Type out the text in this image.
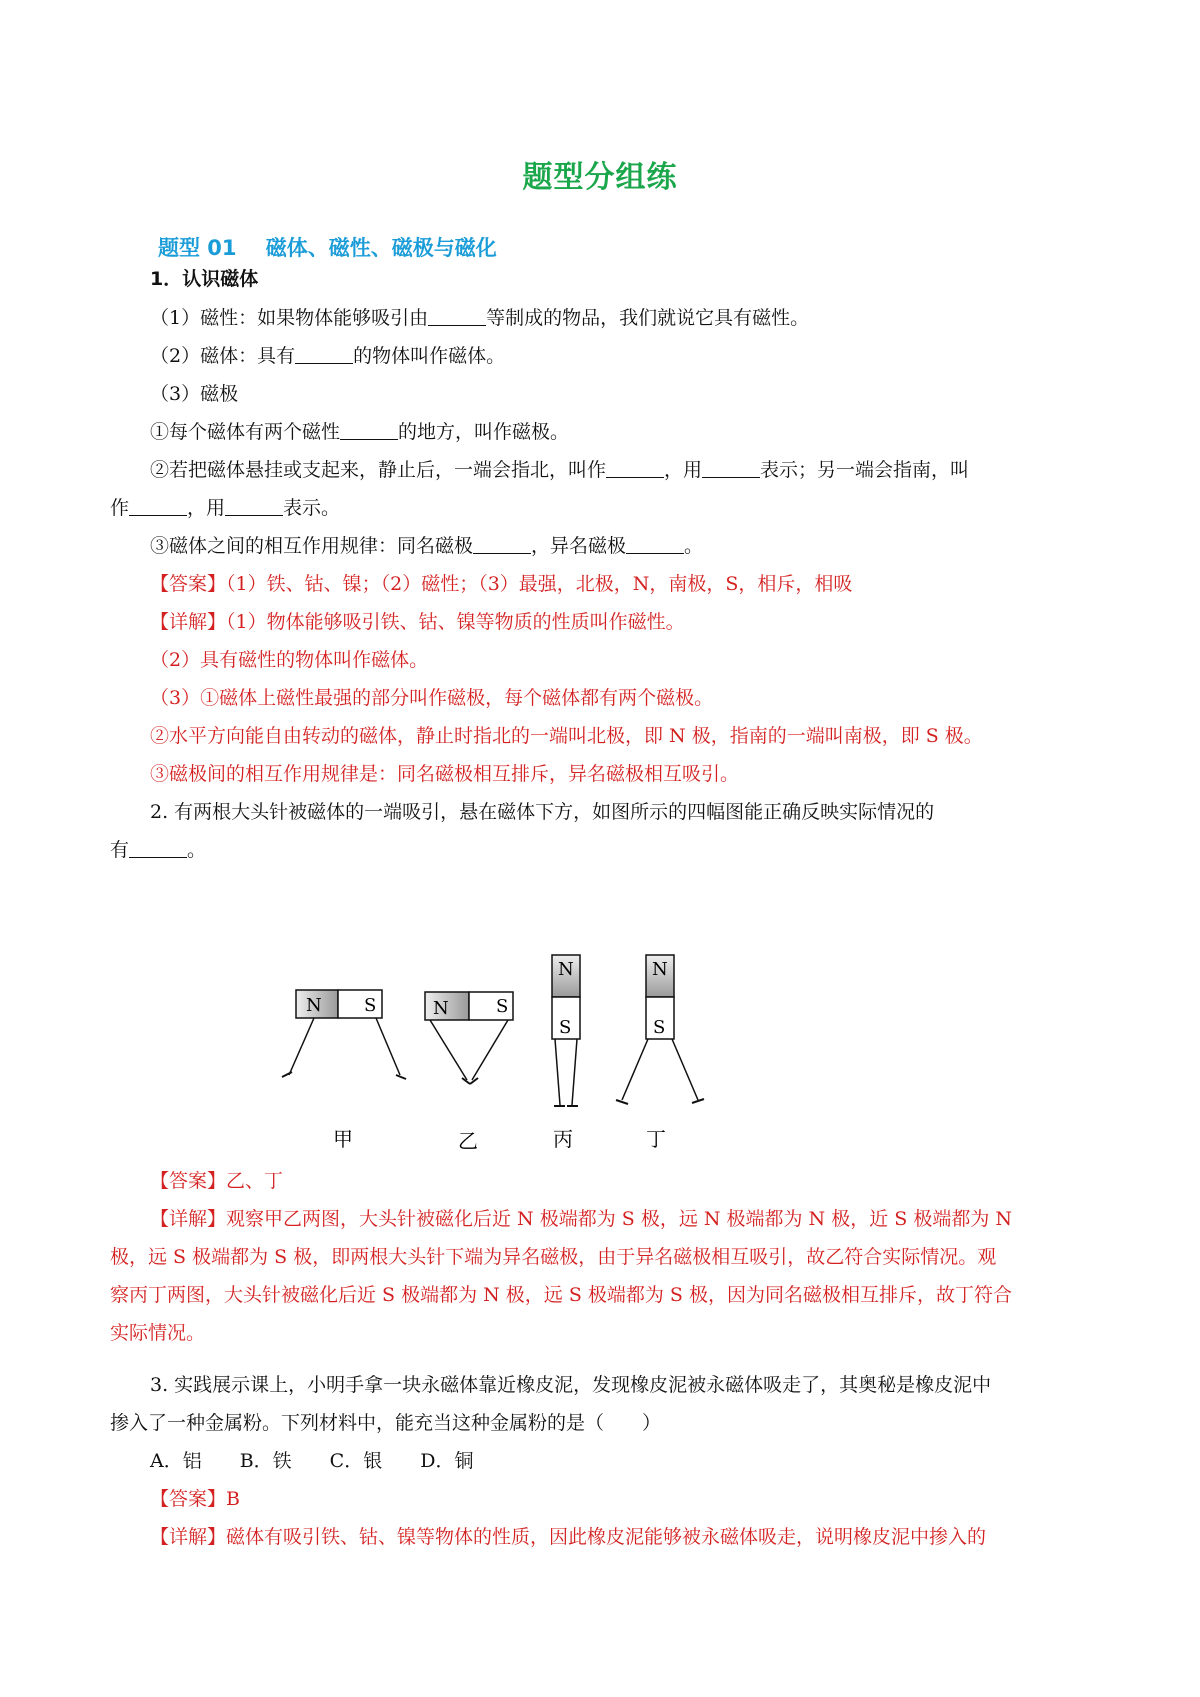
题型分组练
题型 01 磁体、磁性、磁极与磁化
1．认识磁体
（1）磁性：如果物体能够吸引由	等制成的物品，我们就说它具有磁性。
（2）磁体：具有	的物体叫作磁体。
（3）磁极
①每个磁体有两个磁性	的地方，叫作磁极。
②若把磁体悬挂或支起来，静止后，一端会指北，叫作	，用	表示；另一端会指南，叫
作	，用	表示。
③磁体之间的相互作用规律：同名磁极	，异名磁极	。
【答案】（1）铁、钴、镍；（2）磁性；（3）最强，北极，N，南极，S，相斥，相吸
【详解】（1）物体能够吸引铁、钴、镍等物质的性质叫作磁性。
（2）具有磁性的物体叫作磁体。
（3）①磁体上磁性最强的部分叫作磁极，每个磁体都有两个磁极。
②水平方向能自由转动的磁体，静止时指北的一端叫北极，即 N 极，指南的一端叫南极，即 S 极。
③磁极间的相互作用规律是：同名磁极相互排斥，异名磁极相互吸引。
2. 有两根大头针被磁体的一端吸引，悬在磁体下方，如图所示的四幅图能正确反映实际情况的
有	。
N S	N	S
N
S
N
S
甲	乙	丙	丁
【答案】乙、丁
【详解】观察甲乙两图，大头针被磁化后近 N 极端都为 S 极，远 N 极端都为 N 极，近 S 极端都为 N
极，远 S 极端都为 S 极，即两根大头针下端为异名磁极，由于异名磁极相互吸引，故乙符合实际情况。观
察丙丁两图，大头针被磁化后近 S 极端都为 N 极，远 S 极端都为 S 极，因为同名磁极相互排斥，故丁符合
实际情况。
3. 实践展示课上，小明手拿一块永磁体靠近橡皮泥，发现橡皮泥被永磁体吸走了，其奥秘是橡皮泥中
掺入了一种金属粉。下列材料中，能充当这种金属粉的是（　　）
A．铝　　B．铁　　C．银　　D．铜
【答案】B
【详解】磁体有吸引铁、钴、镍等物体的性质，因此橡皮泥能够被永磁体吸走，说明橡皮泥中掺入的
